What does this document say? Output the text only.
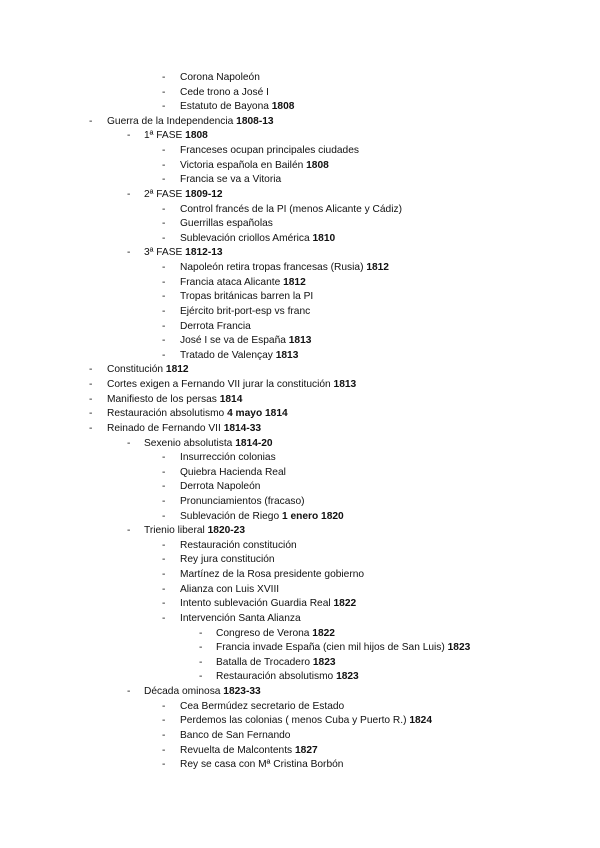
-	Corona Napoleón
-	Cede trono a José I
-	Estatuto de Bayona 1808
-	Guerra de la Independencia 1808-13
-	1ª FASE 1808
-	Franceses ocupan principales ciudades
-	Victoria española en Bailén 1808
-	Francia se va a Vitoria
-	2ª FASE 1809-12
-	Control francés de la PI (menos Alicante y Cádiz)
-	Guerrillas españolas
-	Sublevación criollos América 1810
-	3ª FASE 1812-13
-	Napoleón retira tropas francesas (Rusia) 1812
-	Francia ataca Alicante 1812
-	Tropas británicas barren la PI
-	Ejército brit-port-esp vs franc
-	Derrota Francia
-	José I se va de España 1813
-	Tratado de Valençay 1813
-	Constitución 1812
-	Cortes exigen a Fernando VII jurar la constitución 1813
-	Manifiesto de los persas 1814
-	Restauración absolutismo 4 mayo 1814
-	Reinado de Fernando VII 1814-33
-	Sexenio absolutista 1814-20
-	Insurrección colonias
-	Quiebra Hacienda Real
-	Derrota Napoleón
-	Pronunciamientos (fracaso)
-	Sublevación de Riego 1 enero 1820
-	Trienio liberal 1820-23
-	Restauración constitución
-	Rey jura constitución
-	Martínez de la Rosa presidente gobierno
-	Alianza con Luis XVIII
-	Intento sublevación Guardia Real 1822
-	Intervención Santa Alianza
-	Congreso de Verona 1822
-	Francia invade España (cien mil hijos de San Luis) 1823
-	Batalla de Trocadero 1823
-	Restauración absolutismo 1823
-	Década ominosa 1823-33
-	Cea Bermúdez secretario de Estado
-	Perdemos las colonias ( menos Cuba y Puerto R.) 1824
-	Banco de San Fernando
-	Revuelta de Malcontents 1827
-	Rey se casa con Mª Cristina Borbón
